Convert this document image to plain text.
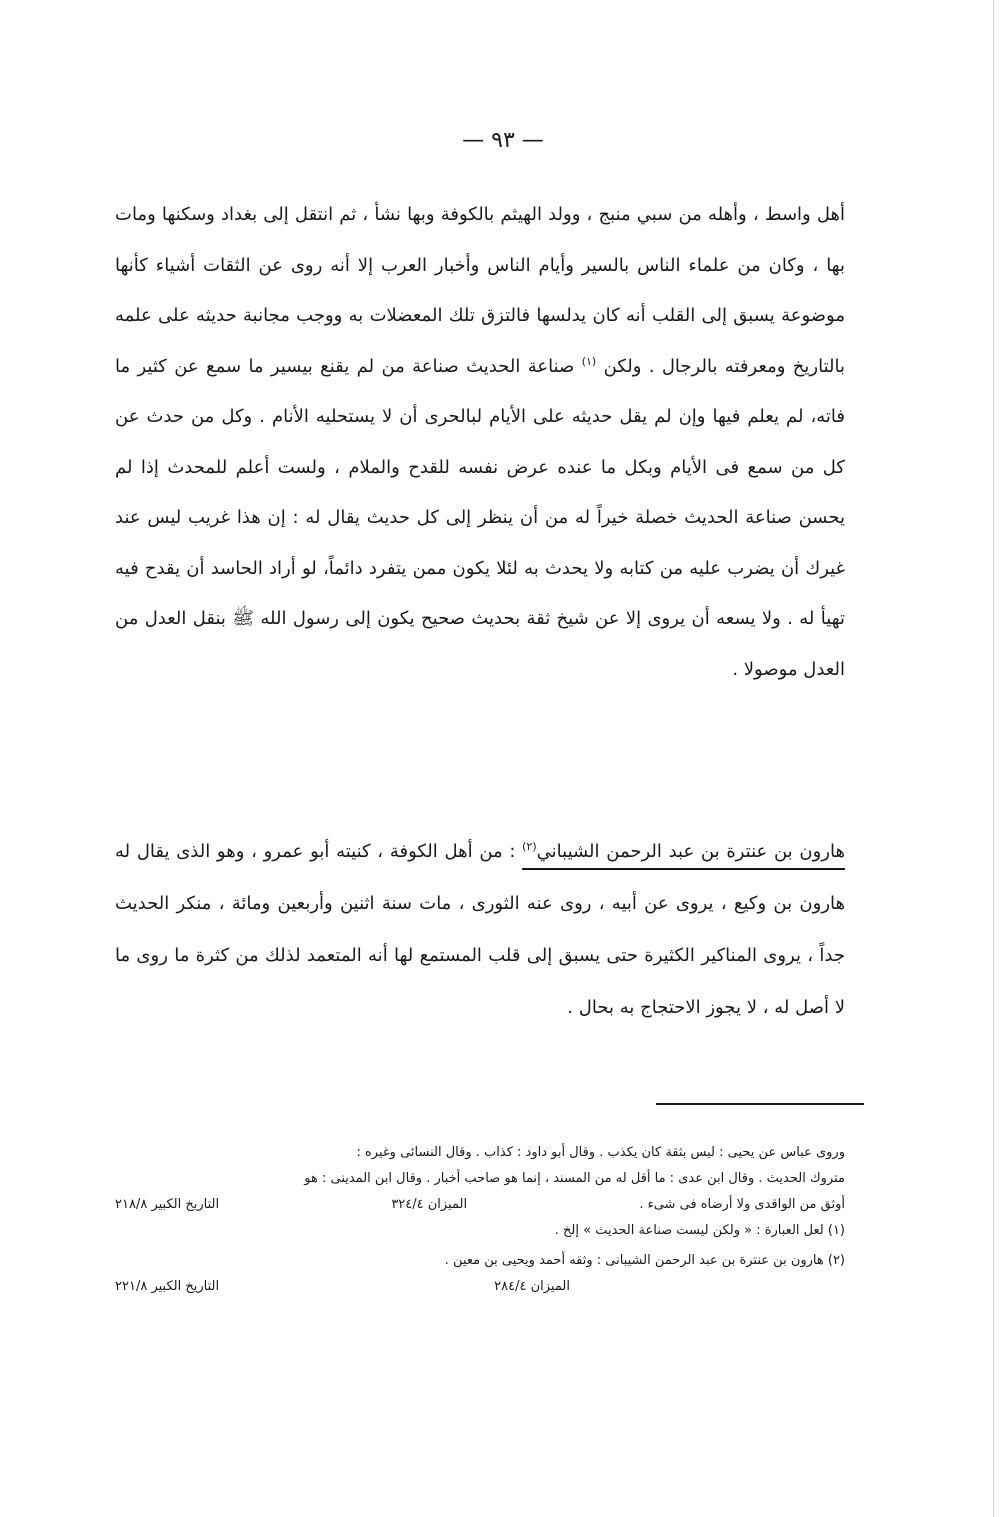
— ٩٣ —
أهل واسط ، وأهله من سبي منبج ، وولد الهيثم بالكوفة وبها نشأ ، ثم انتقل إلى بغداد وسكنها ومات بها ، وكان من علماء الناس بالسير وأيام الناس وأخبار العرب إلا أنه روى عن الثقات أشياء كأنها موضوعة يسبق إلى القلب أنه كان يدلسها فالتزق تلك المعضلات به ووجب مجانبة حديثه على علمه بالتاريخ ومعرفته بالرجال . ولكن $^{(١)}$ صناعة الحديث صناعة من لم يقنع بيسير ما سمع عن كثير ما فاته، لم يعلم فيها وإن لم يقل حديثه على الأيام لبالحرى أن لا يستحليه الأنام . وكل من حدث عن كل من سمع فى الأيام وبكل ما عنده عرض نفسه للقدح والملام ، ولست أعلم للمحدث إذا لم يحسن صناعة الحديث خصلة خيراً له من أن ينظر إلى كل حديث يقال له : إن هذا غريب ليس عند غيرك أن يضرب عليه من كتابه ولا يحدث به لئلا يكون ممن يتفرد دائماً، لو أراد الحاسد أن يقدح فيه تهيأ له . ولا يسعه أن يروى إلا عن شيخ ثقة بحديث صحيح يكون إلى رسول الله ﷺ بنقل العدل من العدل موصولا .
هارون بن عنترة بن عبد الرحمن الشيباني$^{(٢)}$ : من أهل الكوفة ، كنيته أبو عمرو ، وهو الذى يقال له هارون بن وكيع ، يروى عن أبيه ، روى عنه الثورى ، مات سنة اثنين وأربعين ومائة ، منكر الحديث جداً ، يروى المناكير الكثيرة حتى يسبق إلى قلب المستمع لها أنه المتعمد لذلك من كثرة ما روى ما لا أصل له ، لا يجوز الاحتجاج به بحال .
وروى عباس عن يحيى : ليس بثقة كان يكذب . وقال أبو داود : كذاب . وقال النسائى وغيره :
متروك الحديث . وقال ابن عدى : ما أقل له من المسند ، إنما هو صاحب أخبار . وقال ابن المدينى : هو
أوثق من الواقدى ولا أرضاه فى شىء .
الميزان ٣٢٤/٤
التاريخ الكبير ٢١٨/٨
(١) لعل العبارة : « ولكن ليست صناعة الحديث » إلخ .
(٢) هارون بن عنترة بن عبد الرحمن الشيبانى : وثقه أحمد ويحيى بن معين .
الميزان ٢٨٤/٤
التاريخ الكبير ٢٢١/٨
